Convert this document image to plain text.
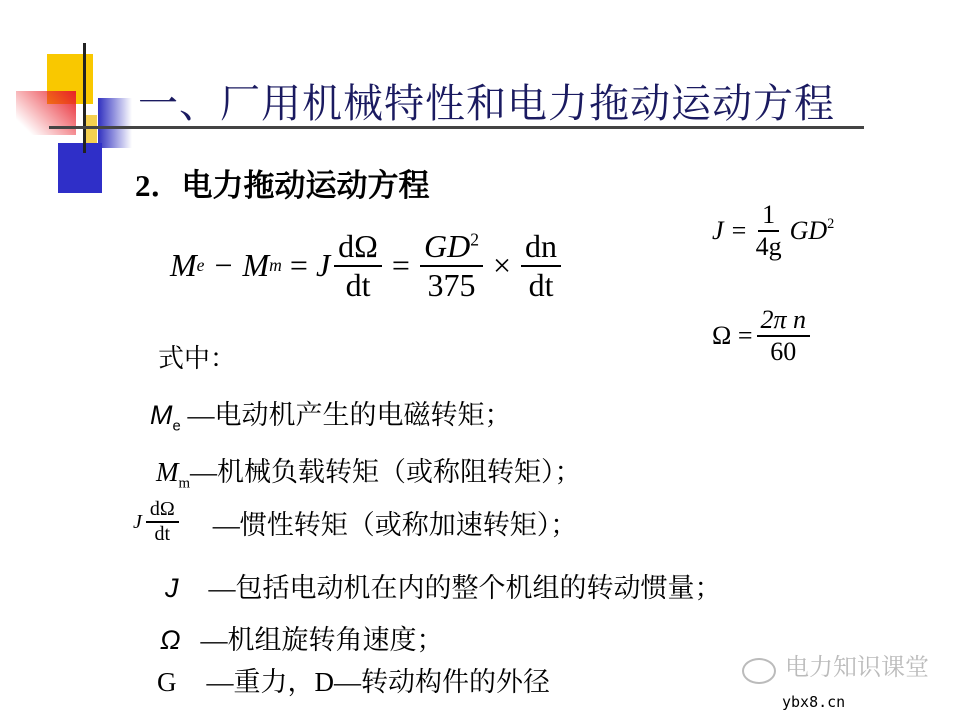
一、厂用机械特性和电力拖动运动方程
2．电力拖动运动方程
M e − M m = J $\frac{d\Omega}{dt} = \frac{GD^2}{375} \times \frac{dn}{dt}$	$J = \frac{1}{4g} GD^2$
$\Omega = \frac{\text{2π n}}{60}$
式中：
$M_e$ —电动机产生的电磁转矩；
$M_m—$机械负载转矩（或称阻转矩）；
J $\frac{d\Omega}{dt}$ —惯性转矩（或称加速转矩）；
J —包括电动机在内的整个机组的转动惯量；
Ω —机组旋转角速度；
G —重力，D—转动构件的外径	电力知识课堂
ybx8.cn
